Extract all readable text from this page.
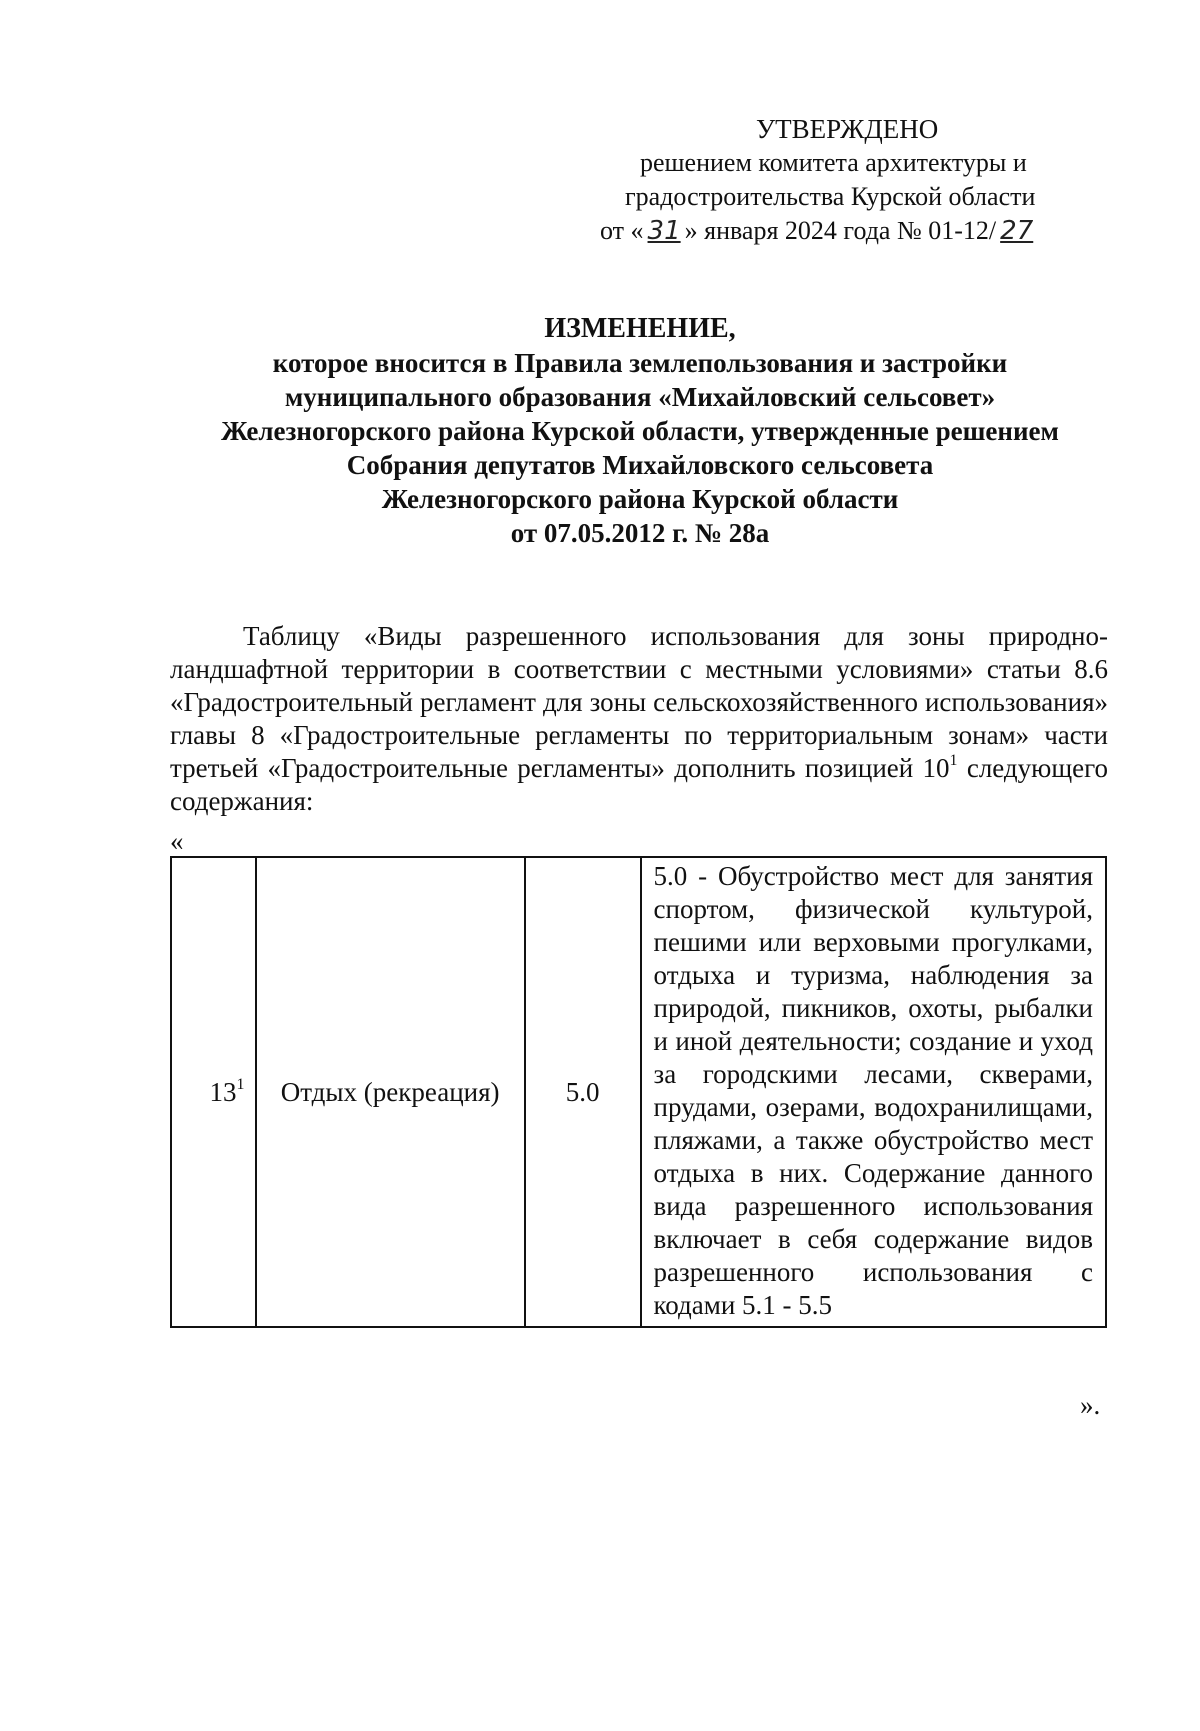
УТВЕРЖДЕНО
решением комитета архитектуры и
градостроительства Курской области
от « 31 » января 2024 года № 01-12/ 27
ИЗМЕНЕНИЕ,
которое вносится в Правила землепользования и застройки
муниципального образования «Михайловский сельсовет»
Железногорского района Курской области, утвержденные решением
Собрания депутатов Михайловского сельсовета
Железногорского района Курской области
от 07.05.2012 г. № 28а

Таблицу «Виды разрешенного использования для зоны природно-ландшафтной территории в соответствии с местными условиями» статьи 8.6 «Градостроительный регламент для зоны сельскохозяйственного использования» главы 8 «Градостроительные регламенты по территориальным зонам» части третьей «Градостроительные регламенты» дополнить позицией $10^1$ следующего содержания:

«
$13^1$	Отдых (рекреация)	5.0	5.0 - Обустройство мест для занятия спортом, физической культурой, пешими или верховыми прогулками, отдыха и туризма, наблюдения за природой, пикников, охоты, рыбалки и иной деятельности; создание и уход за городскими лесами, скверами, прудами, озерами, водохранилищами, пляжами, а также обустройство мест отдыха в них. Содержание данного вида разрешенного использования включает в себя содержание видов разрешенного использования с кодами 5.1 - 5.5
».
